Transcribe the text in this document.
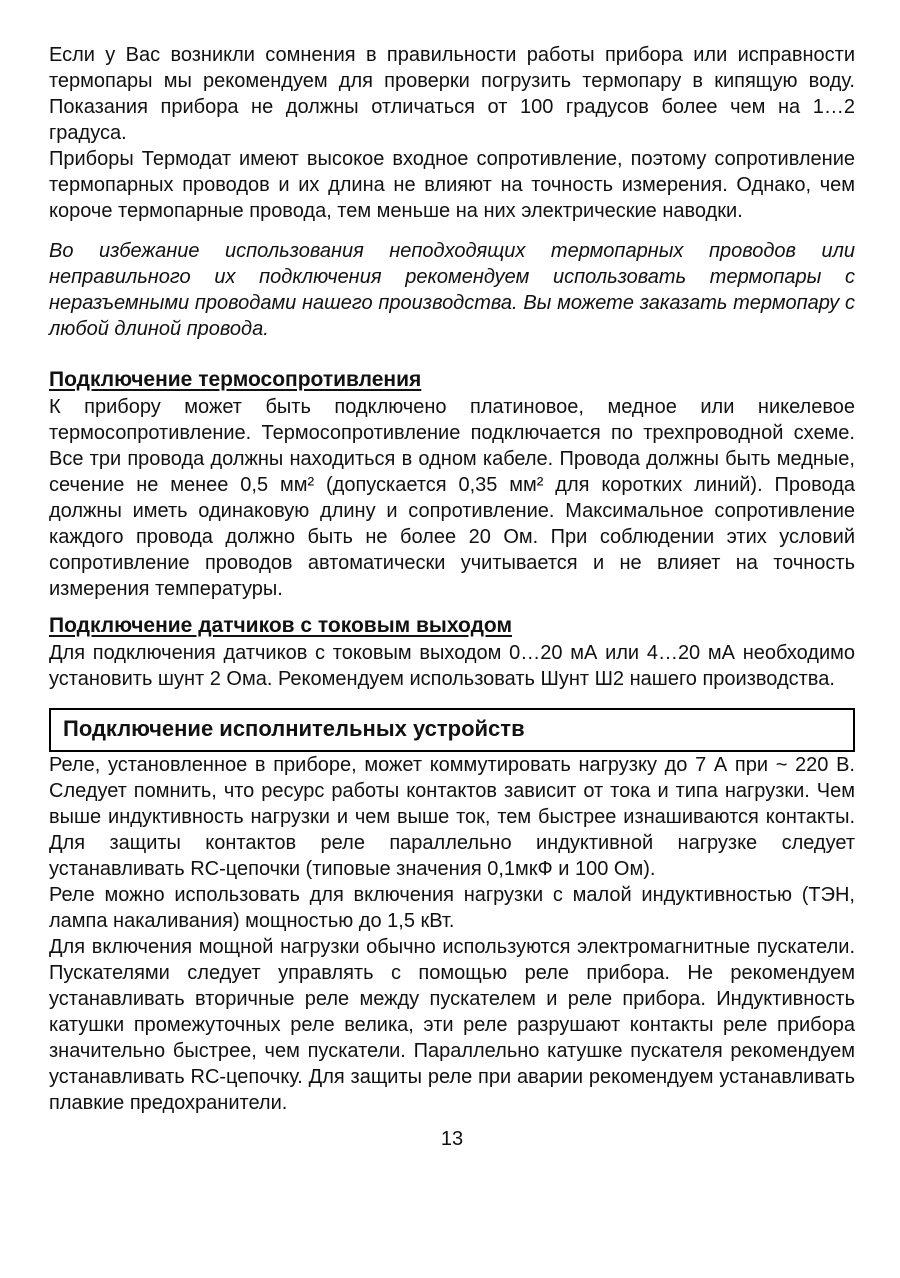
Если у Вас возникли сомнения в правильности работы прибора или исправности термопары мы рекомендуем для проверки погрузить термопару в кипящую воду. Показания прибора не должны отличаться от 100 градусов более чем на 1…2 градуса.

Приборы Термодат имеют высокое входное сопротивление, поэтому сопротивление термопарных проводов и их длина не влияют на точность измерения. Однако, чем короче термопарные провода, тем меньше на них электрические наводки.

Во избежание использования неподходящих термопарных проводов или неправильного их подключения рекомендуем использовать термопары с неразъемными проводами нашего производства. Вы можете заказать термопару с любой длиной провода.

Подключение термосопротивления

К прибору может быть подключено платиновое, медное или никелевое термосопротивление. Термосопротивление подключается по трехпроводной схеме. Все три провода должны находиться в одном кабеле. Провода должны быть медные, сечение не менее 0,5 мм² (допускается 0,35 мм² для коротких линий). Провода должны иметь одинаковую длину и сопротивление. Максимальное сопротивление каждого провода должно быть не более 20 Ом. При соблюдении этих условий сопротивление проводов автоматически учитывается и не влияет на точность измерения температуры.

Подключение датчиков с токовым выходом

Для подключения датчиков с токовым выходом 0…20 мА или 4…20 мА необходимо установить шунт 2 Ома. Рекомендуем использовать Шунт Ш2 нашего производства.

Подключение исполнительных устройств

Реле, установленное в приборе, может коммутировать нагрузку до 7 А при ~ 220 В. Следует помнить, что ресурс работы контактов зависит от тока и типа нагрузки. Чем выше индуктивность нагрузки и чем выше ток, тем быстрее изнашиваются контакты. Для защиты контактов реле параллельно индуктивной нагрузке следует устанавливать RC-цепочки (типовые значения 0,1мкФ и 100 Ом).

Реле можно использовать для включения нагрузки с малой индуктивностью (ТЭН, лампа накаливания) мощностью до 1,5 кВт.

Для включения мощной нагрузки обычно используются электромагнитные пускатели. Пускателями следует управлять с помощью реле прибора. Не рекомендуем устанавливать вторичные реле между пускателем и реле прибора. Индуктивность катушки промежуточных реле велика, эти реле разрушают контакты реле прибора значительно быстрее, чем пускатели. Параллельно катушке пускателя рекомендуем устанавливать RC-цепочку. Для защиты реле при аварии рекомендуем устанавливать плавкие предохранители.

13
